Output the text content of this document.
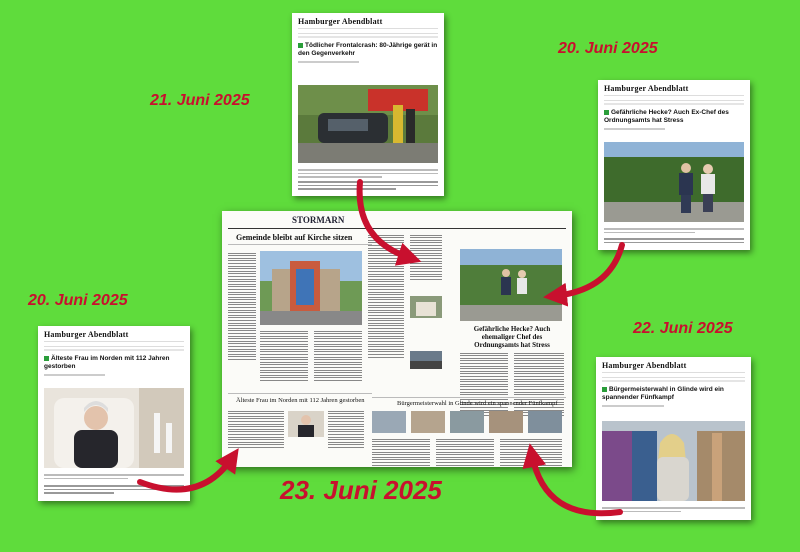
21. Juni 2025
20. Juni 2025
20. Juni 2025
22. Juni 2025
23. Juni 2025
Hamburger Abendblatt
Tödlicher Frontalcrash: 80-Jährige gerät in den Gegenverkehr
Hamburger Abendblatt
Gefährliche Hecke? Auch Ex-Chef des Ordnungsamts hat Stress
Hamburger Abendblatt
Älteste Frau im Norden mit 112 Jahren gestorben	Hamburger Abendblatt
Bürgermeisterwahl in Glinde wird ein spannender Fünfkampf
STORMARN
Gemeinde bleibt auf Kirche sitzen
Gefährliche Hecke? Auch ehemaliger Chef des Ordnungsamts hat Stress
Älteste Frau im Norden mit 112 Jahren gestorben	Bürgermeisterwahl in Glinde wird ein spannender Fünfkampf
